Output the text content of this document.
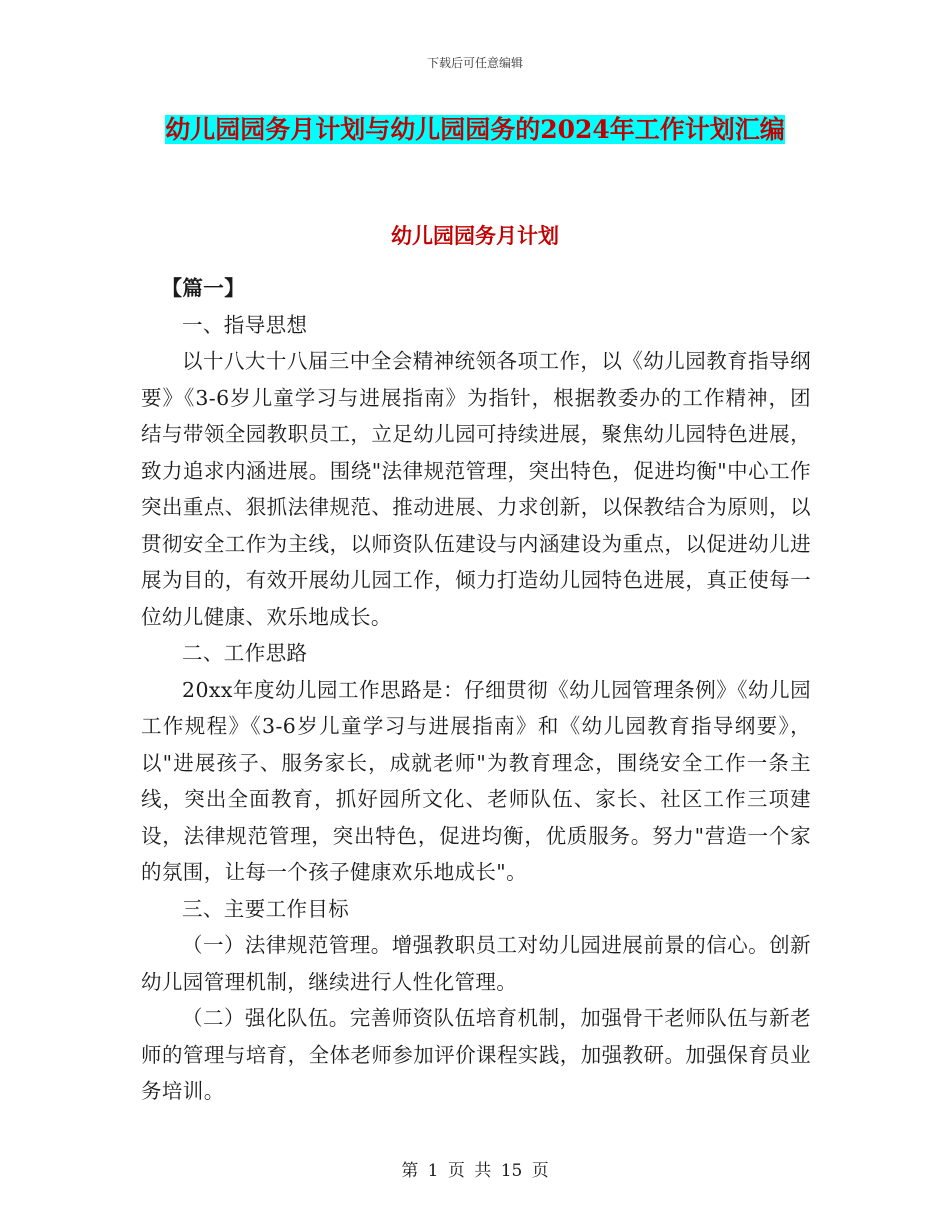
下载后可任意编辑
幼儿园园务月计划与幼儿园园务的2024年工作计划汇编
幼儿园园务月计划

【篇一】

一、指导思想

以十八大十八届三中全会精神统领各项工作，以《幼儿园教育指导纲要》《3-6岁儿童学习与进展指南》为指针，根据教委办的工作精神，团结与带领全园教职员工，立足幼儿园可持续进展，聚焦幼儿园特色进展，致力追求内涵进展。围绕"法律规范管理，突出特色，促进均衡"中心工作突出重点、狠抓法律规范、推动进展、力求创新，以保教结合为原则，以贯彻安全工作为主线，以师资队伍建设与内涵建设为重点，以促进幼儿进展为目的，有效开展幼儿园工作，倾力打造幼儿园特色进展，真正使每一位幼儿健康、欢乐地成长。

二、工作思路

20xx年度幼儿园工作思路是：仔细贯彻《幼儿园管理条例》《幼儿园工作规程》《3-6岁儿童学习与进展指南》和《幼儿园教育指导纲要》，以"进展孩子、服务家长，成就老师"为教育理念，围绕安全工作一条主线，突出全面教育，抓好园所文化、老师队伍、家长、社区工作三项建设，法律规范管理，突出特色，促进均衡，优质服务。努力"营造一个家的氛围，让每一个孩子健康欢乐地成长"。

三、主要工作目标

（一）法律规范管理。增强教职员工对幼儿园进展前景的信心。创新幼儿园管理机制，继续进行人性化管理。

（二）强化队伍。完善师资队伍培育机制，加强骨干老师队伍与新老师的管理与培育，全体老师参加评价课程实践，加强教研。加强保育员业务培训。

第 1 页 共 15 页
